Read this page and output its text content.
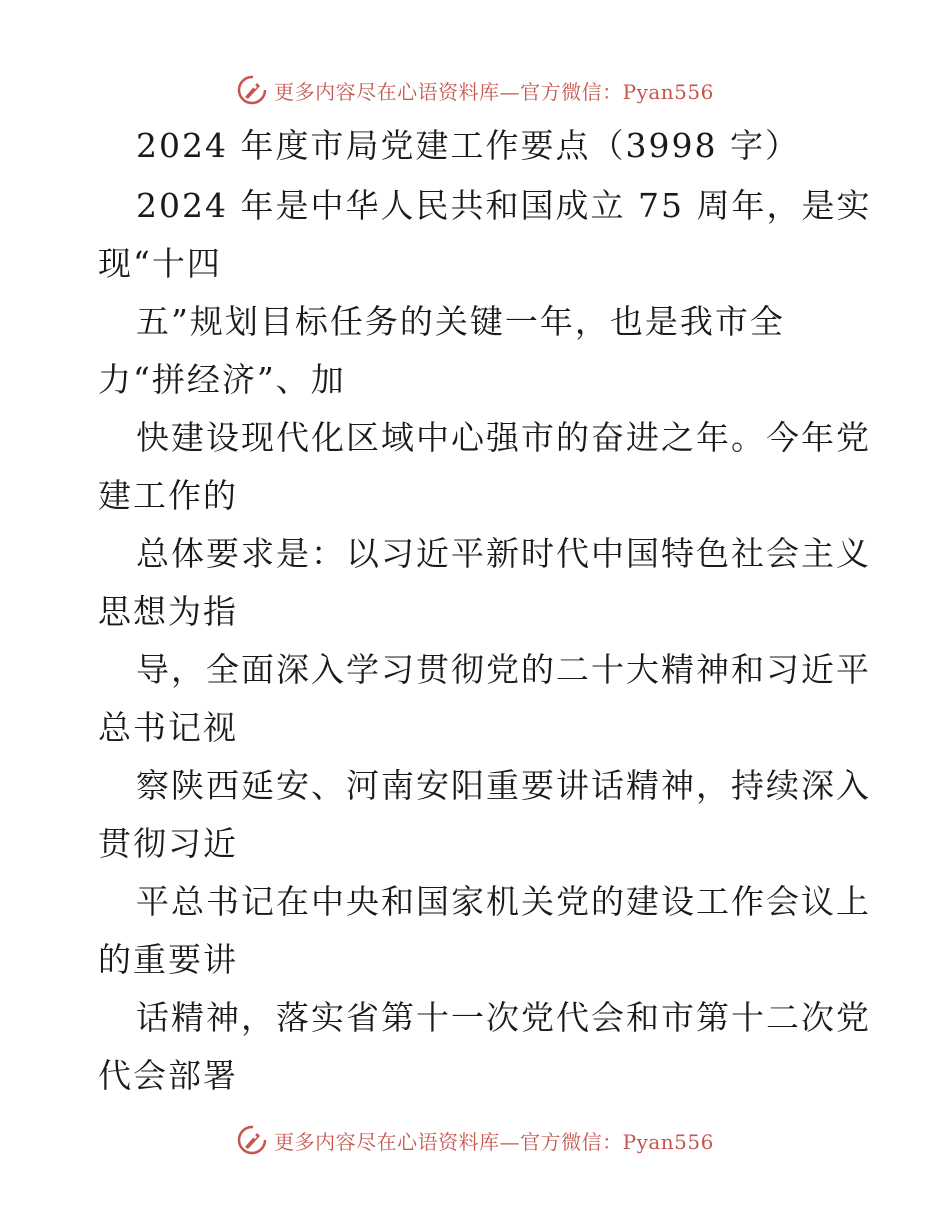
更多内容尽在心语资料库—官方微信：Pyan556
2024 年度市局党建工作要点（3998 字）
2024 年是中华人民共和国成立 75 周年，是实
现“十四
五”规划目标任务的关键一年，也是我市全
力“拼经济”、加
快建设现代化区域中心强市的奋进之年。今年党
建工作的
总体要求是：以习近平新时代中国特色社会主义
思想为指
导，全面深入学习贯彻党的二十大精神和习近平
总书记视
察陕西延安、河南安阳重要讲话精神，持续深入
贯彻习近
平总书记在中央和国家机关党的建设工作会议上
的重要讲
话精神，落实省第十一次党代会和市第十二次党
代会部署
更多内容尽在心语资料库—官方微信：Pyan556
